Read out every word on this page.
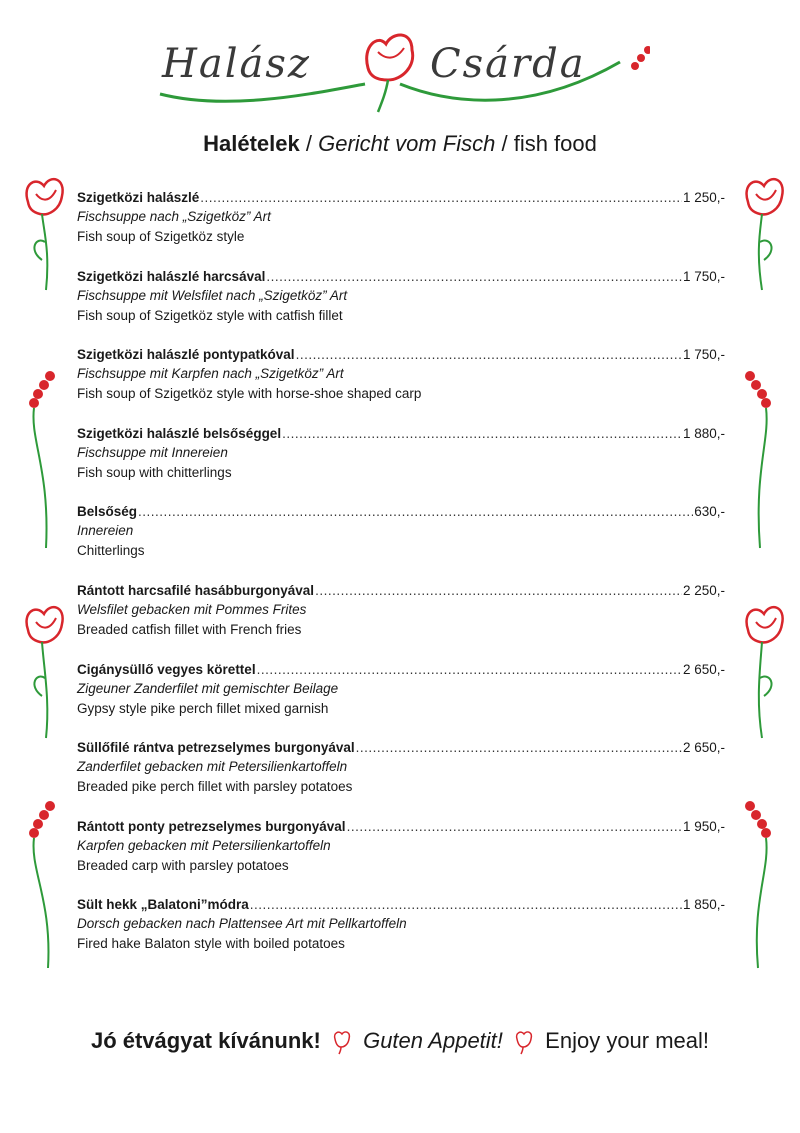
Halász	Csárda
Halételek / Gericht vom Fisch / fish food
Szigetközi halászlé .....	1 250,-
Fischsuppe nach „Szigetköz” Art
Fish soup of Szigetköz style
Szigetközi halászlé harcsával .....	1 750,-
Fischsuppe mit Welsfilet nach „Szigetköz” Art
Fish soup of Szigetköz style with catfish fillet
Szigetközi halászlé pontypatkóval .....	1 750,-
Fischsuppe mit Karpfen nach „Szigetköz” Art
Fish soup of Szigetköz style with horse-shoe shaped carp
Szigetközi halászlé belsőséggel .....	1 880,-
Fischsuppe mit Innereien
Fish soup with chitterlings
Belsőség .....	630,-
Innereien
Chitterlings
Rántott harcsafilé hasábburgonyával .....	2 250,-
Welsfilet gebacken mit Pommes Frites
Breaded catfish fillet with French fries
Cigánysüllő vegyes körettel .....	2 650,-
Zigeuner Zanderfilet mit gemischter Beilage
Gypsy style pike perch fillet mixed garnish
Süllőfilé rántva petrezselymes burgonyával .....	2 650,-
Zanderfilet gebacken mit Petersilienkartoffeln
Breaded pike perch fillet with parsley potatoes
Rántott ponty petrezselymes burgonyával .....	1 950,-
Karpfen gebacken mit Petersilienkartoffeln
Breaded carp with parsley potatoes
Sült hekk „Balatoni”módra .....	1 850,-
Dorsch gebacken nach Plattensee Art mit Pellkartoffeln
Fired hake Balaton style with boiled potatoes
Jó étvágyat kívánunk! Guten Appetit! Enjoy your meal!
